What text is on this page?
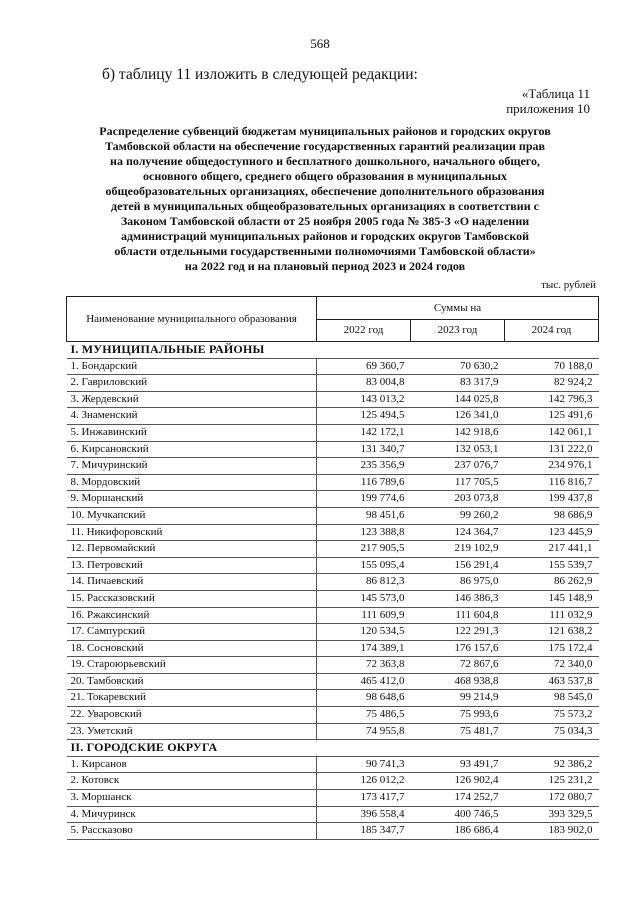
568
б) таблицу 11 изложить в следующей редакции:
«Таблица 11
приложения 10
Распределение субвенций бюджетам муниципальных районов и городских округов
Тамбовской области на обеспечение государственных гарантий реализации прав
на получение общедоступного и бесплатного дошкольного, начального общего,
основного общего, среднего общего образования в муниципальных
общеобразовательных организациях, обеспечение дополнительного образования
детей в муниципальных общеобразовательных организациях в соответствии с
Законом Тамбовской области от 25 ноября 2005 года № 385-З «О наделении
администраций муниципальных районов и городских округов Тамбовской
области отдельными государственными полномочиями Тамбовской области»
на 2022 год и на плановый период 2023 и 2024 годов
тыс. рублей
Наименование муниципального образования	Суммы на		
	2022 год	2023 год	2024 год
I. МУНИЦИПАЛЬНЫЕ РАЙОНЫ			
1. Бондарский	69 360,7	70 630,2	70 188,0
2. Гавриловский	83 004,8	83 317,9	82 924,2
3. Жердевский	143 013,2	144 025,8	142 796,3
4. Знаменский	125 494,5	126 341,0	125 491,6
5. Инжавинский	142 172,1	142 918,6	142 061,1
6. Кирсановский	131 340,7	132 053,1	131 222,0
7. Мичуринский	235 356,9	237 076,7	234 976,1
8. Мордовский	116 789,6	117 705,5	116 816,7
9. Моршанский	199 774,6	203 073,8	199 437,8
10. Мучкапский	98 451,6	99 260,2	98 686,9
11. Никифоровский	123 388,8	124 364,7	123 445,9
12. Первомайский	217 905,5	219 102,9	217 441,1
13. Петровский	155 095,4	156 291,4	155 539,7
14. Пичаевский	86 812,3	86 975,0	86 262,9
15. Рассказовский	145 573,0	146 386,3	145 148,9
16. Ржаксинский	111 609,9	111 604,8	111 032,9
17. Сампурский	120 534,5	122 291,3	121 638,2
18. Сосновский	174 389,1	176 157,6	175 172,4
19. Староюрьевский	72 363,8	72 867,6	72 340,0
20. Тамбовский	465 412,0	468 938,8	463 537,8
21. Токаревский	98 648,6	99 214,9	98 545,0
22. Уваровский	75 486,5	75 993,6	75 573,2
23. Уметский	74 955,8	75 481,7	75 034,3
II. ГОРОДСКИЕ ОКРУГА			
1. Кирсанов	90 741,3	93 491,7	92 386,2
2. Котовск	126 012,2	126 902,4	125 231,2
3. Моршанск	173 417,7	174 252,7	172 080,7
4. Мичуринск	396 558,4	400 746,5	393 329,5
5. Рассказово	185 347,7	186 686,4	183 902,0
